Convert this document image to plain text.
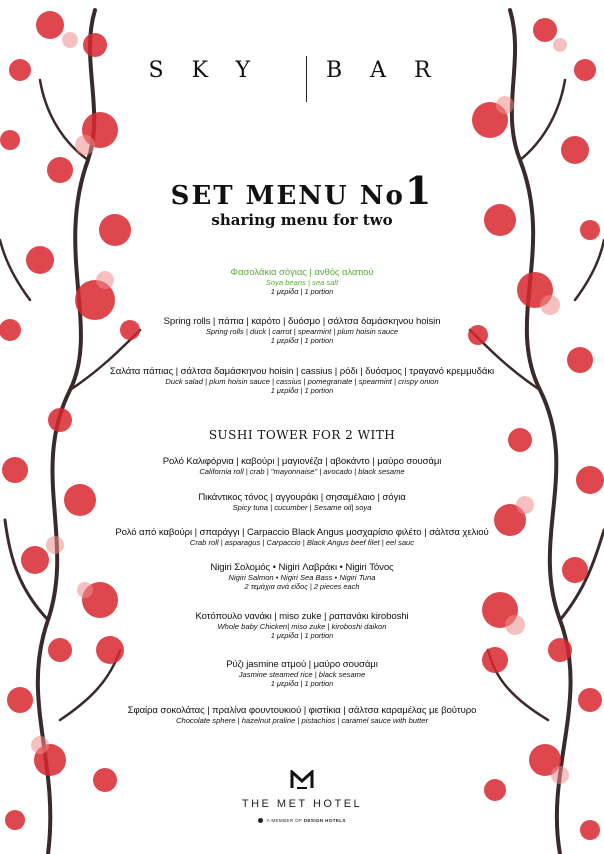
SKY BAR
SET MENU No1
sharing menu for two
Φασολάκια σόγιας | ανθός αλατιού
Soya beans | sea salt
1 μερίδα | 1 portion
Spring rolls | πάπια | καρότο | δυόσμο | σάλτσα δαμάσκηνου hoisin
Spring rolls | duck | carrot | spearmint | plum hoisin sauce
1 μερίδα | 1 portion
Σαλάτα πάπιας | σάλτσα δαμάσκηνου hoisin | cassius | ρόδι | δυόσμος | τραγανό κρεμμυδάκι
Duck salad | plum hoisin sauce | cassius | pomegranate | spearmint | crispy onion
1 μερίδα | 1 portion
SUSHI TOWER FOR 2 WITH
Ρολό Καλιφόρνια | καβούρι | μαγιονέζα | αβοκάντο | μαύρο σουσάμι
California roll | crab | "mayonnaise" | avocado | black sesame
Πικάντικος τόνος | αγγουράκι | σησαμέλαιο | σόγια
Spicy tuna | cucumber | Sesame oil| soya
Ρολό από καβούρι | σπαράγγι | Carpaccio Black Angus μοσχαρίσιο φιλέτο | σάλτσα χελιού
Crab roll | asparagus | Carpaccio | Black Angus beef filet | eel sauc
Nigiri Σολομός • Nigiri Λαβράκι • Nigiri Τόνος
Nigiri Salmon • Nigiri Sea Bass • Nigiri Tuna
2 τεμάχια ανά είδος | 2 pieces each
Κοτόπουλο νανάκι | miso zuke | ραπανάκι kiroboshi
Whole baby Chicken| miso zuke | kiroboshi daikon
1 μερίδα | 1 portion
Ρύζι jasmine ατμού | μαύρο σουσάμι
Jasmine steamed rice | black sesame
1 μερίδα | 1 portion
Σφαίρα σοκολάτας | πραλίνα φουντουκιού | φιστίκια | σάλτσα καραμέλας με βούτυρο
Chocolate sphere | hazelnut praline | pistachios | caramel sauce with butter
THE MET HOTEL
A MEMBER OF DESIGN HOTELS
